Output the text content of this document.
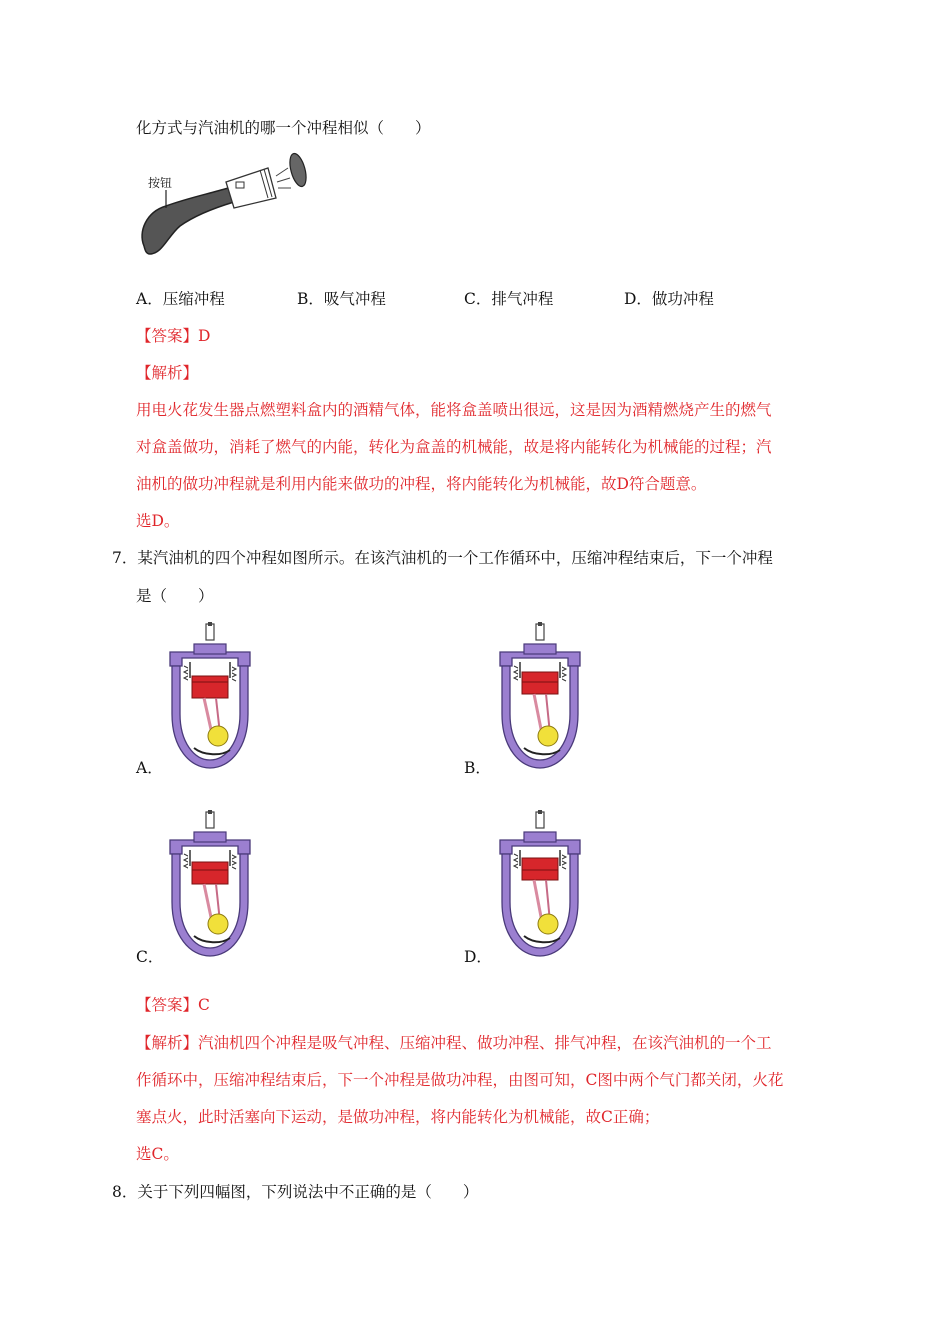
化方式与汽油机的哪一个冲程相似（　　）
按钮
A．压缩冲程	B．吸气冲程	C．排气冲程	D．做功冲程
【答案】D
【解析】
用电火花发生器点燃塑料盒内的酒精气体，能将盒盖喷出很远，这是因为酒精燃烧产生的燃气
对盒盖做功，消耗了燃气的内能，转化为盒盖的机械能，故是将内能转化为机械能的过程；汽
油机的做功冲程就是利用内能来做功的冲程，将内能转化为机械能，故D符合题意。
选D。
7．某汽油机的四个冲程如图所示。在该汽油机的一个工作循环中，压缩冲程结束后，下一个冲程
是（　　）
A．	B．
C．	D．
【答案】C
【解析】汽油机四个冲程是吸气冲程、压缩冲程、做功冲程、排气冲程，在该汽油机的一个工
作循环中，压缩冲程结束后，下一个冲程是做功冲程，由图可知，C图中两个气门都关闭，火花
塞点火，此时活塞向下运动，是做功冲程，将内能转化为机械能，故C正确；
选C。
8．关于下列四幅图，下列说法中不正确的是（　　）
